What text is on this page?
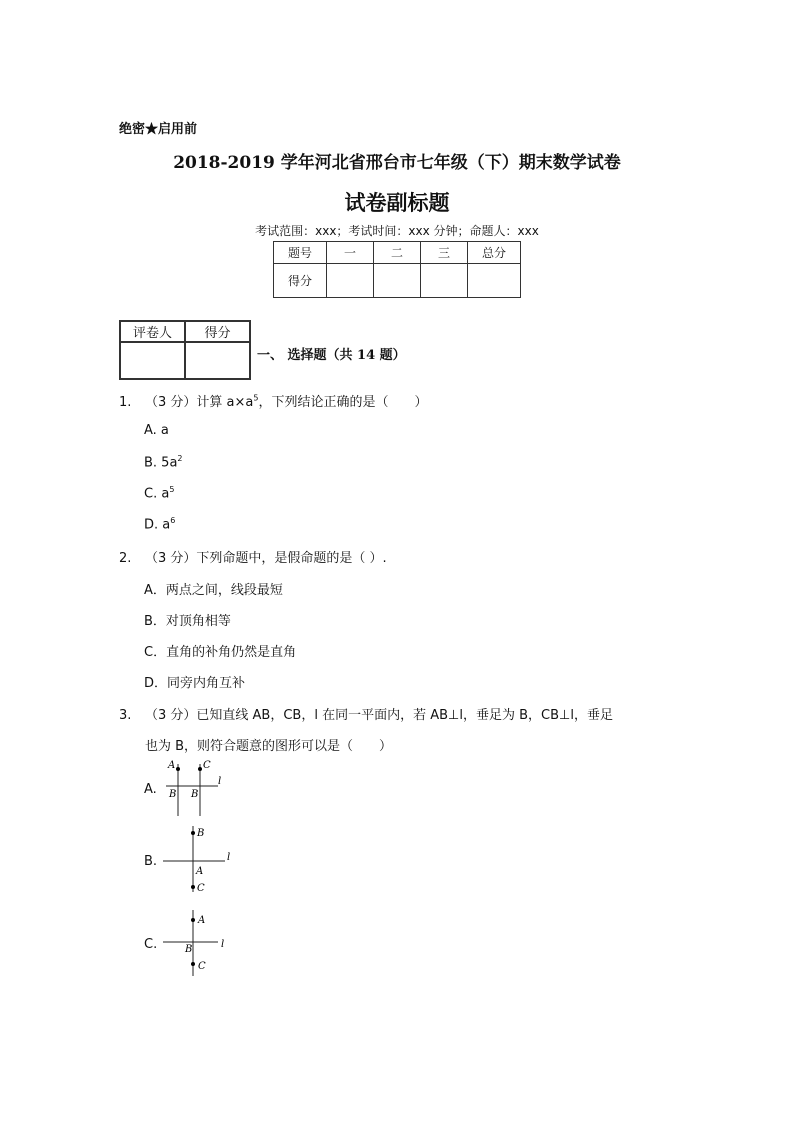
绝密★启用前
2018-2019 学年河北省邢台市七年级（下）期末数学试卷
试卷副标题
考试范围：xxx；考试时间：xxx 分钟；命题人：xxx
题号	一	二	三	总分
得分				
评卷人	得分

一、 选择题（共 14 题）
1. （3 分）计算 $a\times a^5$，下列结论正确的是（　　）
A. a
B. $5a^2$
C. $a^5$
D. $a^6$
2. （3 分）下列命题中，是假命题的是（ ）.
A．两点之间，线段最短
B．对顶角相等
C．直角的补角仍然是直角
D．同旁内角互补
3. （3 分）已知直线 AB，CB，l 在同一平面内，若 AB⊥l，垂足为 B，CB⊥l，垂足
也为 B，则符合题意的图形可以是（　　）
A.
A	C
B B
l
B.
B
A
C
l
C.
A
B
C
l
